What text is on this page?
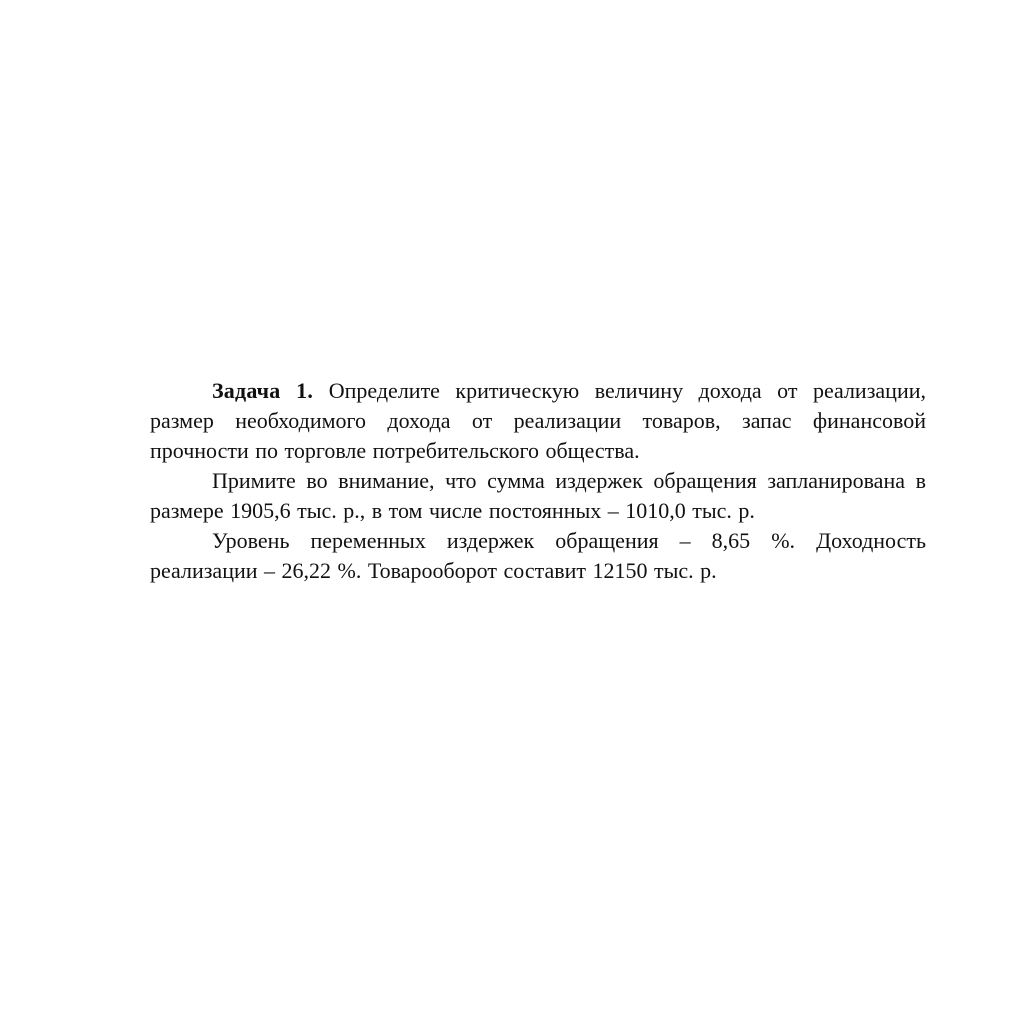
Задача 1. Определите критическую величину дохода от реализации, размер необходимого дохода от реализации товаров, запас финансовой прочности по торговле потребительского общества.

Примите во внимание, что сумма издержек обращения запланирована в размере 1905,6 тыс. р., в том числе постоянных – 1010,0 тыс. р.

Уровень переменных издержек обращения – 8,65 %. Доходность реализации – 26,22 %. Товарооборот составит 12150 тыс. р.
